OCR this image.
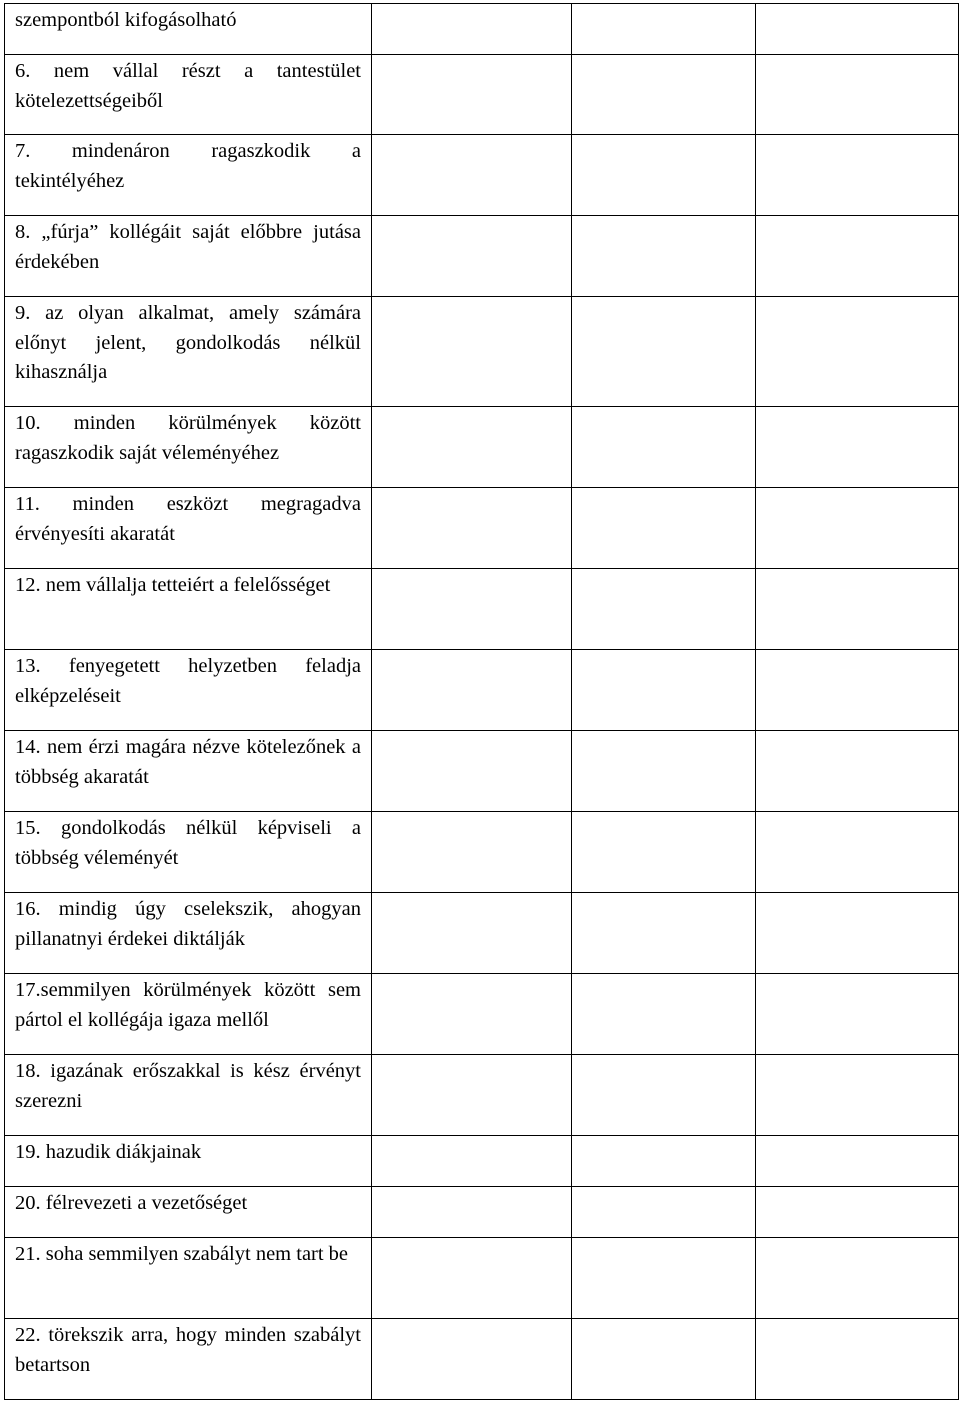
szempontból kifogásolható			
6. nem vállal részt a tantestület kötelezettségeiből			
7. mindenáron ragaszkodik a tekintélyéhez			
8. „fúrja” kollégáit saját előbbre jutása érdekében			
9. az olyan alkalmat, amely számára előnyt jelent, gondolkodás nélkül kihasználja			
10. minden körülmények között ragaszkodik saját véleményéhez			
11. minden eszközt megragadva érvényesíti akaratát			
12. nem vállalja tetteiért a felelősséget			
13. fenyegetett helyzetben feladja elképzeléseit			
14. nem érzi magára nézve kötelezőnek a többség akaratát			
15. gondolkodás nélkül képviseli a többség véleményét			
16. mindig úgy cselekszik, ahogyan pillanatnyi érdekei diktálják			
17.semmilyen körülmények között sem pártol el kollégája igaza mellől			
18. igazának erőszakkal is kész érvényt szerezni			
19. hazudik diákjainak			
20. félrevezeti a vezetőséget			
21. soha semmilyen szabályt nem tart be			
22. törekszik arra, hogy minden szabályt betartson			
